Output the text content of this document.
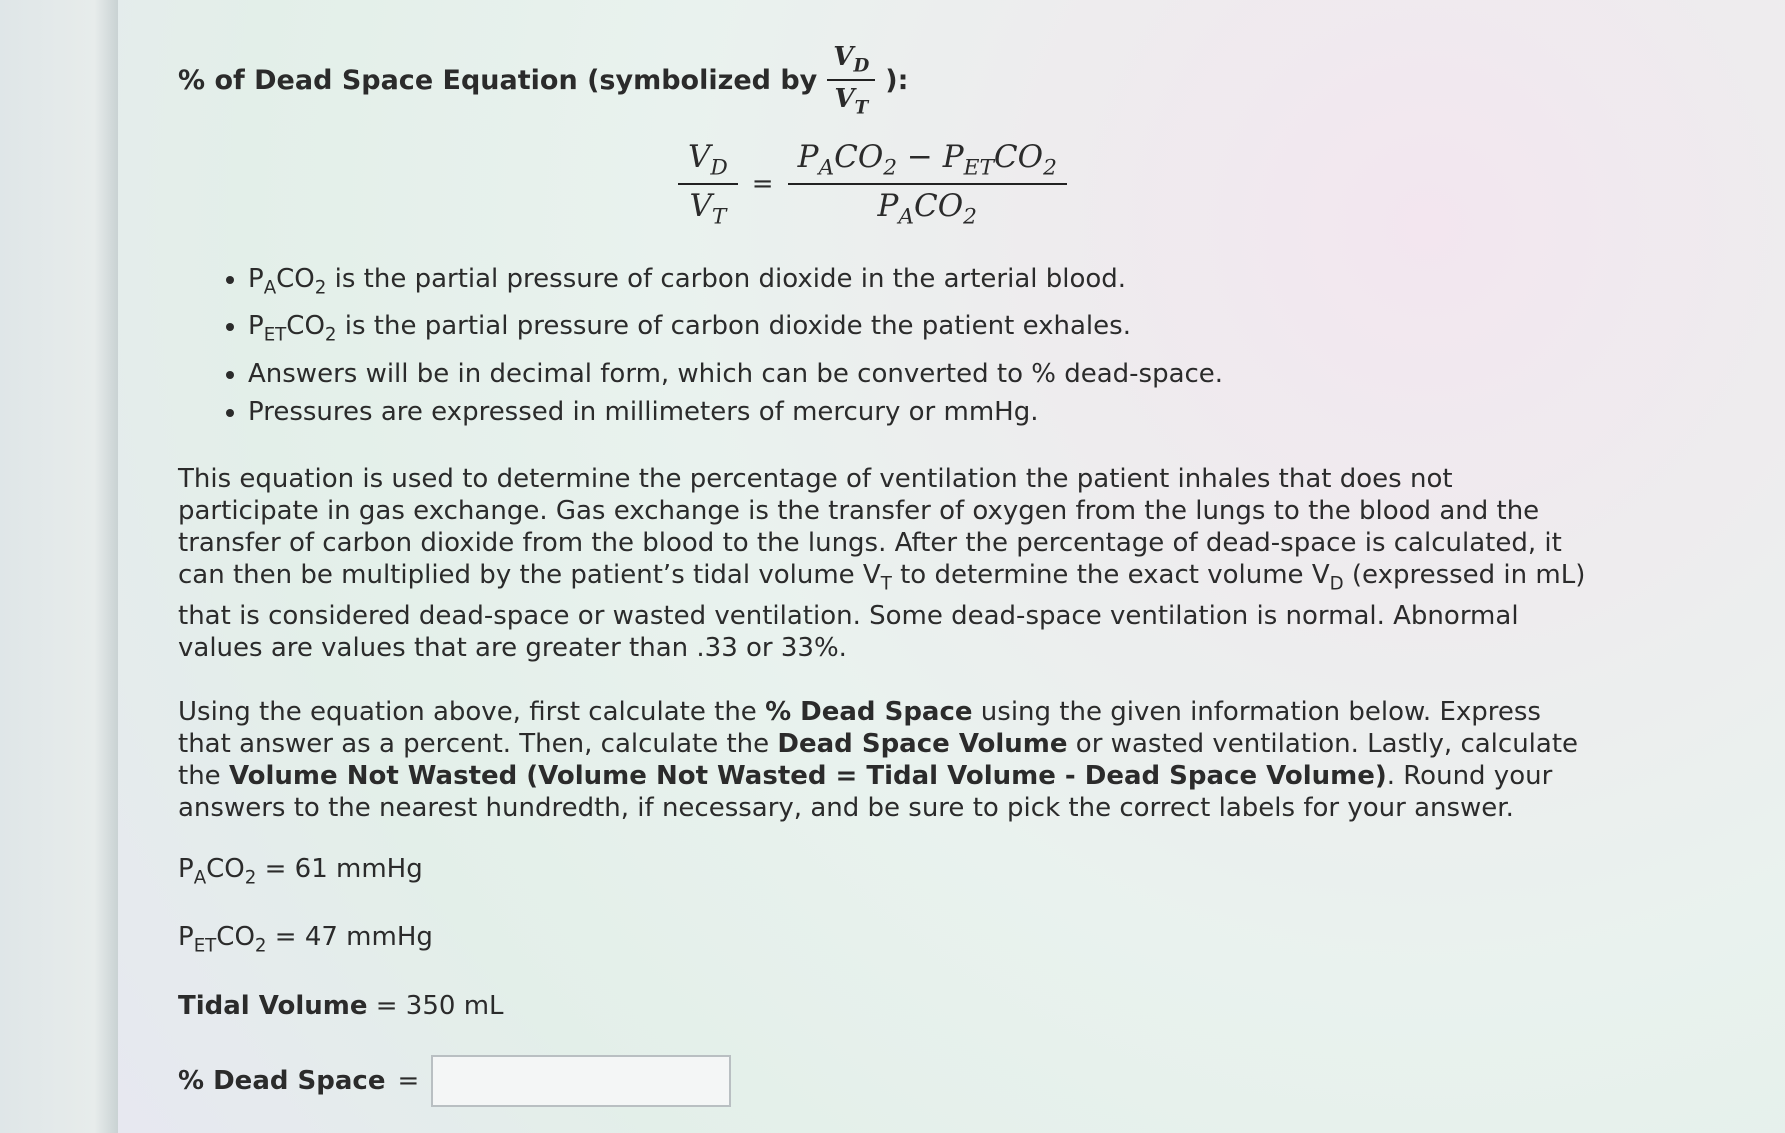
% of Dead Space Equation (symbolized by $\frac{V_D}{V_T}$ ):
$\frac{V_D}{V_T} = \frac{P_ACO_2 - P_{ET}CO_2}{P_ACO_2}$
• $P_ACO_2$ is the partial pressure of carbon dioxide in the arterial blood.
• $P_{ET}CO_2$ is the partial pressure of carbon dioxide the patient exhales.
• Answers will be in decimal form, which can be converted to % dead-space.
• Pressures are expressed in millimeters of mercury or mmHg.
This equation is used to determine the percentage of ventilation the patient inhales that does not participate in gas exchange. Gas exchange is the transfer of oxygen from the lungs to the blood and the transfer of carbon dioxide from the blood to the lungs. After the percentage of dead-space is calculated, it can then be multiplied by the patient’s tidal volume $V_T$ to determine the exact volume $V_D$ (expressed in mL) that is considered dead-space or wasted ventilation. Some dead-space ventilation is normal. Abnormal values are values that are greater than .33 or 33%.
Using the equation above, first calculate the % Dead Space using the given information below. Express that answer as a percent. Then, calculate the Dead Space Volume or wasted ventilation. Lastly, calculate the Volume Not Wasted (Volume Not Wasted = Tidal Volume - Dead Space Volume). Round your answers to the nearest hundredth, if necessary, and be sure to pick the correct labels for your answer.
$P_ACO_2 = 61$ mmHg
$P_{ET}CO_2 = 47$ mmHg
Tidal Volume = 350 mL
% Dead Space =
